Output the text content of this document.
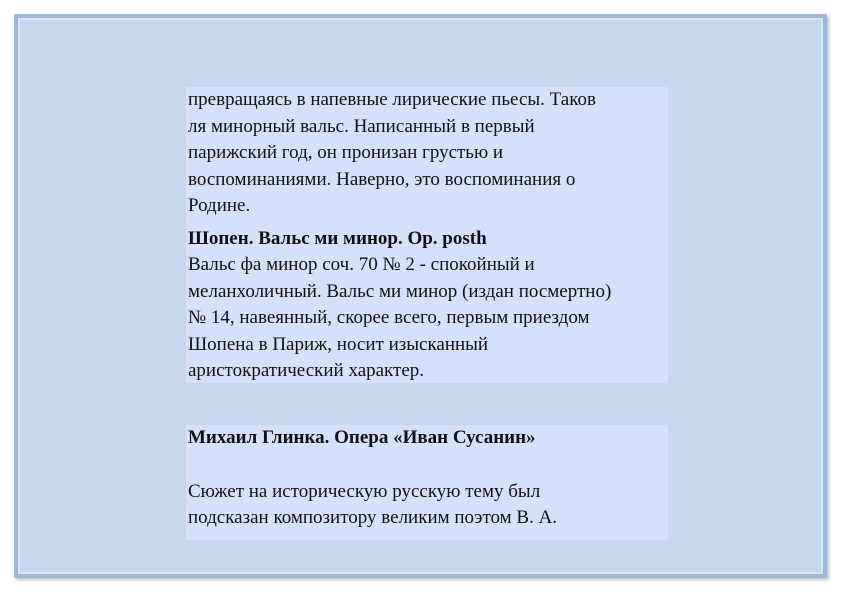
превращаясь в напевные лирические пьесы. Таков
ля минорный вальс. Написанный в первый
парижский год, он пронизан грустью и
воспоминаниями. Наверно, это воспоминания о
Родине.

Шопен. Вальс ми минор. Op. posth

Вальс фа минор соч. 70 № 2 - спокойный и
меланхоличный. Вальс ми минор (издан посмертно)
№ 14, навеянный, скорее всего, первым приездом
Шопена в Париж, носит изысканный
аристократический характер.

Михаил Глинка. Опера «Иван Сусанин»

Сюжет на историческую русскую тему был
подсказан композитору великим поэтом В. А.
